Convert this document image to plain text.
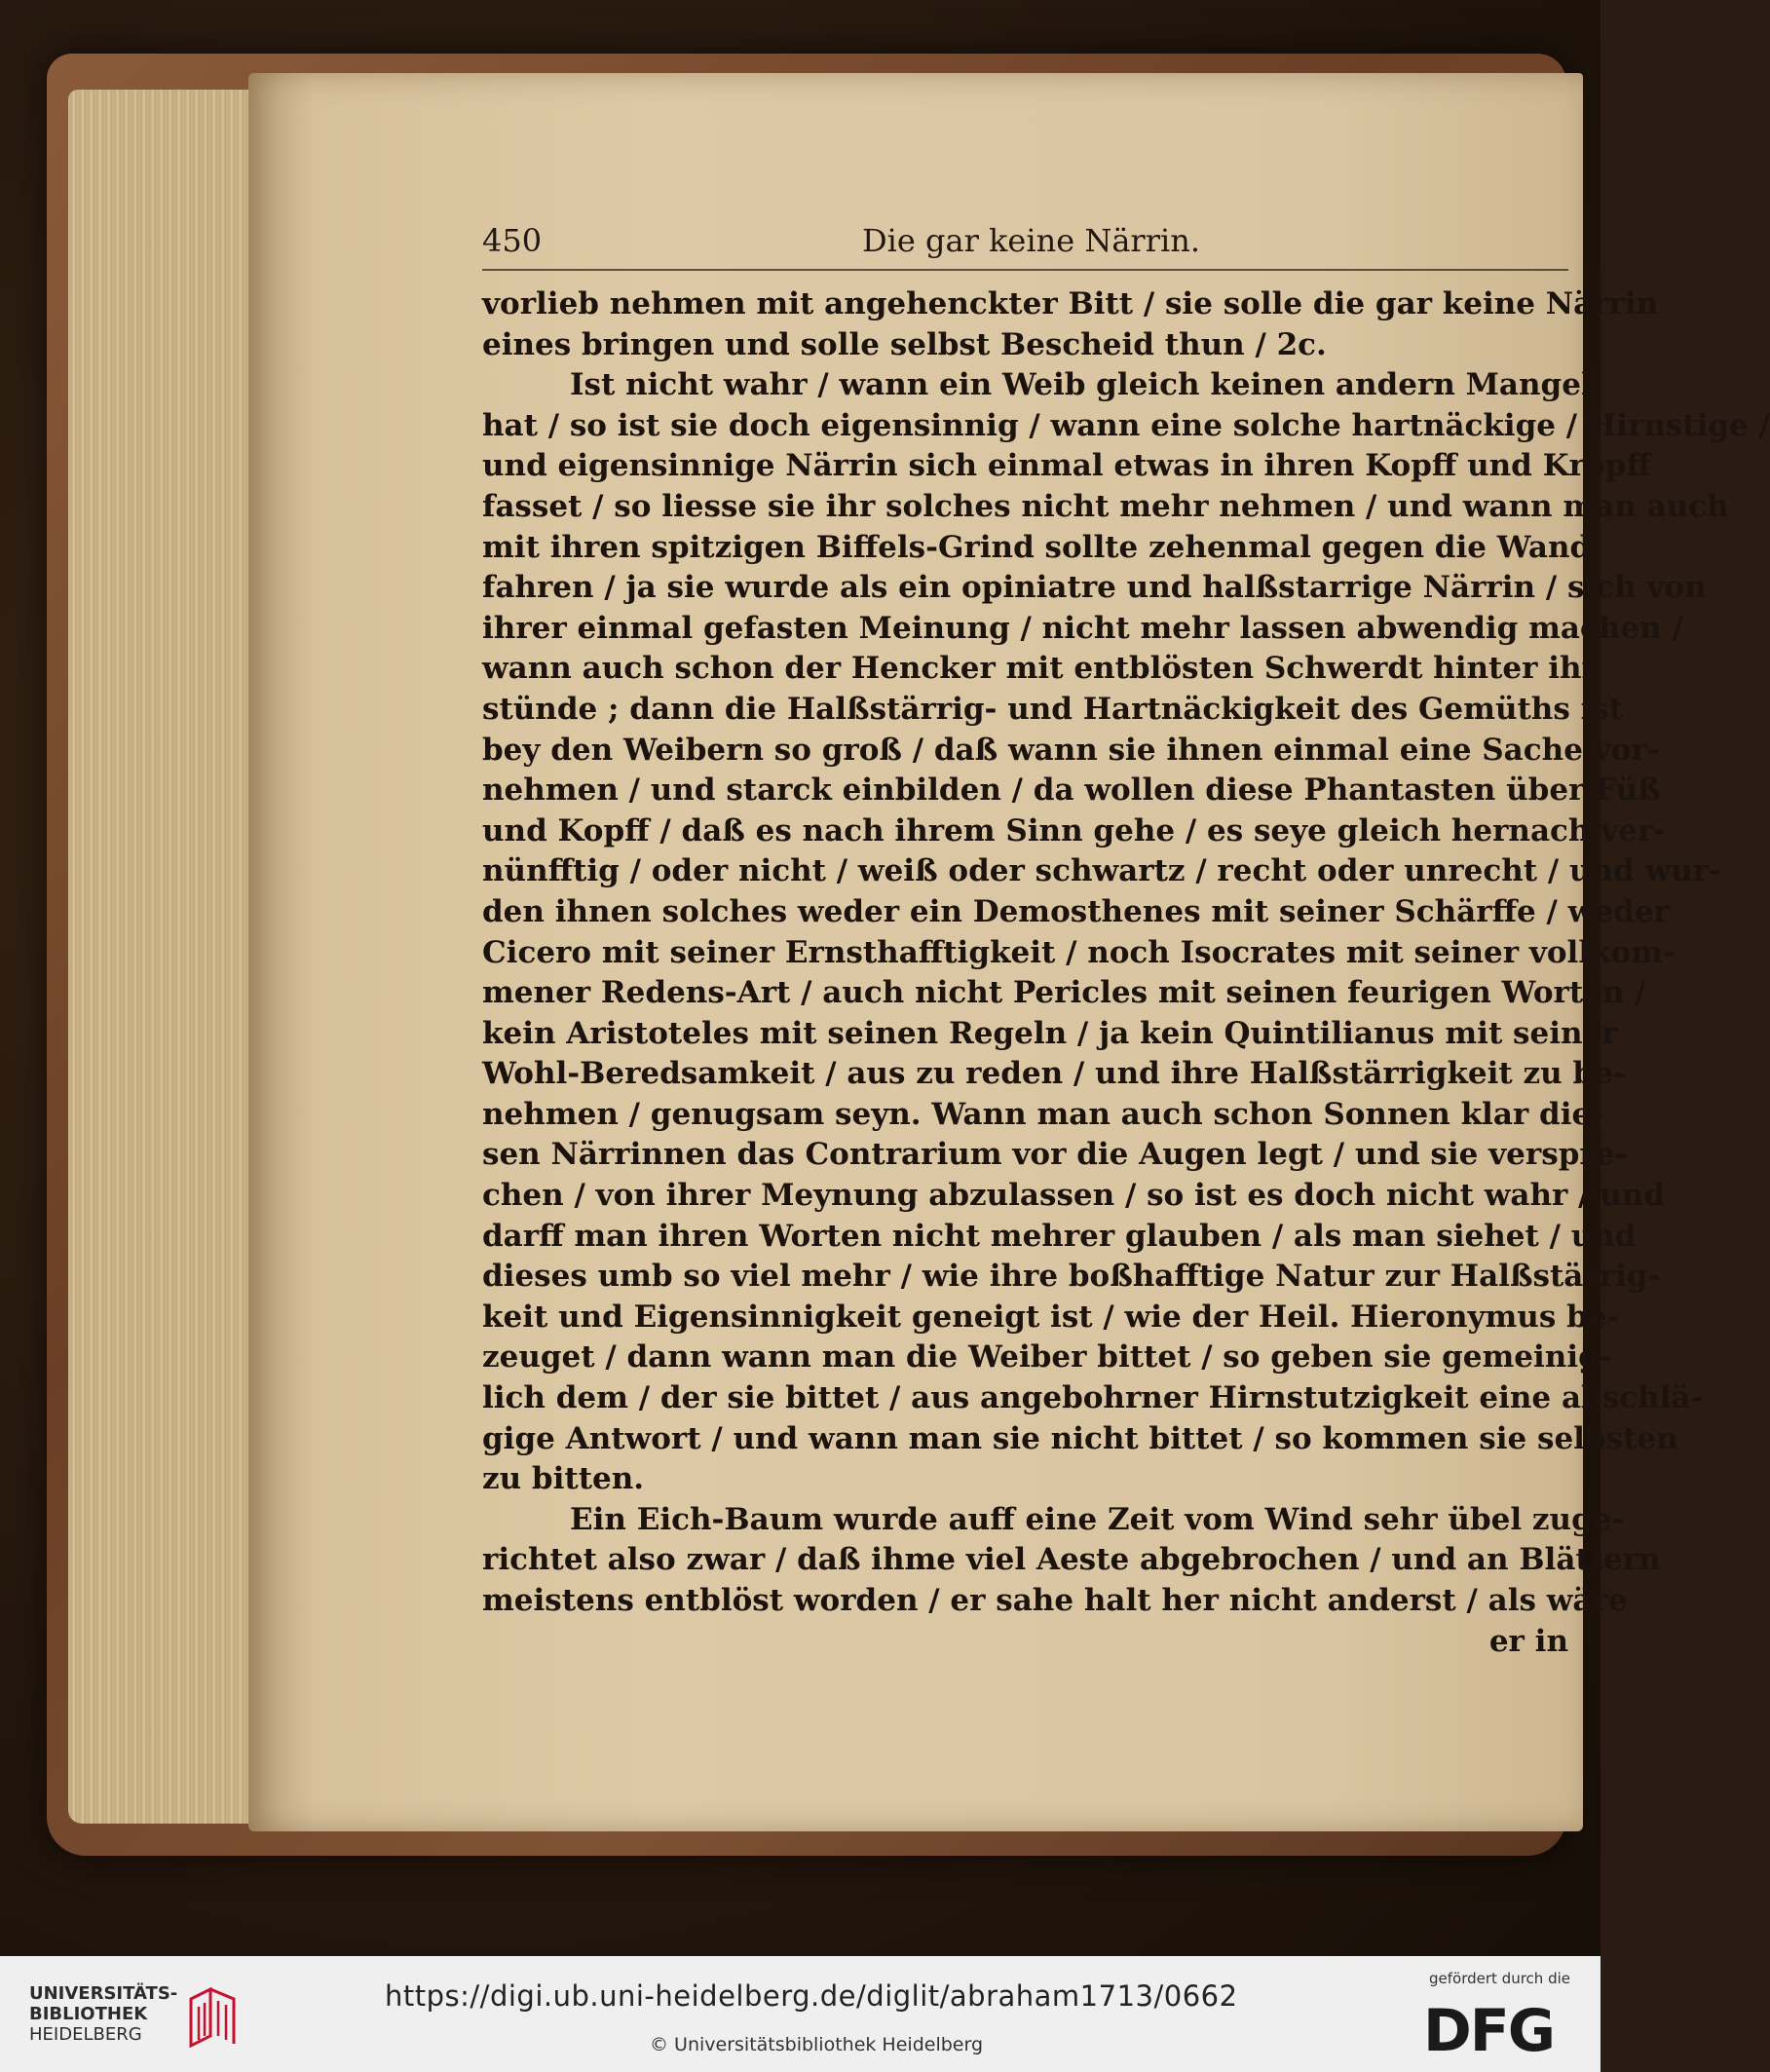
450	Die gar keine Närrin.
vorlieb nehmen mit angehenckter Bitt / sie solle die gar keine Närrin
eines bringen und solle selbst Bescheid thun / 2c.
Ist nicht wahr / wann ein Weib gleich keinen andern Mangel
hat / so ist sie doch eigensinnig / wann eine solche hartnäckige / Hirnstige /
und eigensinnige Närrin sich einmal etwas in ihren Kopff und Kropff
fasset / so liesse sie ihr solches nicht mehr nehmen / und wann man auch
mit ihren spitzigen Biffels-Grind sollte zehenmal gegen die Wand
fahren / ja sie wurde als ein opiniatre und halßstarrige Närrin / sich von
ihrer einmal gefasten Meinung / nicht mehr lassen abwendig machen /
wann auch schon der Hencker mit entblösten Schwerdt hinter ihr
stünde ; dann die Halßstärrig- und Hartnäckigkeit des Gemüths ist
bey den Weibern so groß / daß wann sie ihnen einmal eine Sache vor-
nehmen / und starck einbilden / da wollen diese Phantasten über Füß
und Kopff / daß es nach ihrem Sinn gehe / es seye gleich hernach ver-
nünfftig / oder nicht / weiß oder schwartz / recht oder unrecht / und wur-
den ihnen solches weder ein Demosthenes mit seiner Schärffe / weder
Cicero mit seiner Ernsthafftigkeit / noch Isocrates mit seiner vollkom-
mener Redens-Art / auch nicht Pericles mit seinen feurigen Worten /
kein Aristoteles mit seinen Regeln / ja kein Quintilianus mit seiner
Wohl-Beredsamkeit / aus zu reden / und ihre Halßstärrigkeit zu be-
nehmen / genugsam seyn. Wann man auch schon Sonnen klar die-
sen Närrinnen das Contrarium vor die Augen legt / und sie verspre-
chen / von ihrer Meynung abzulassen / so ist es doch nicht wahr / und
darff man ihren Worten nicht mehrer glauben / als man siehet / und
dieses umb so viel mehr / wie ihre boßhafftige Natur zur Halßstärrig-
keit und Eigensinnigkeit geneigt ist / wie der Heil. Hieronymus be-
zeuget / dann wann man die Weiber bittet / so geben sie gemeinig-
lich dem / der sie bittet / aus angebohrner Hirnstutzigkeit eine abschlä-
gige Antwort / und wann man sie nicht bittet / so kommen sie selbsten
zu bitten.
Ein Eich-Baum wurde auff eine Zeit vom Wind sehr übel zuge-
richtet also zwar / daß ihme viel Aeste abgebrochen / und an Blättern
meistens entblöst worden / er sahe halt her nicht anderst / als wäre
er in
UNIVERSITÄTS-
BIBLIOTHEK
HEIDELBERG
https://digi.ub.uni-heidelberg.de/diglit/abraham1713/0662
© Universitätsbibliothek Heidelberg
gefördert durch die
DFG
